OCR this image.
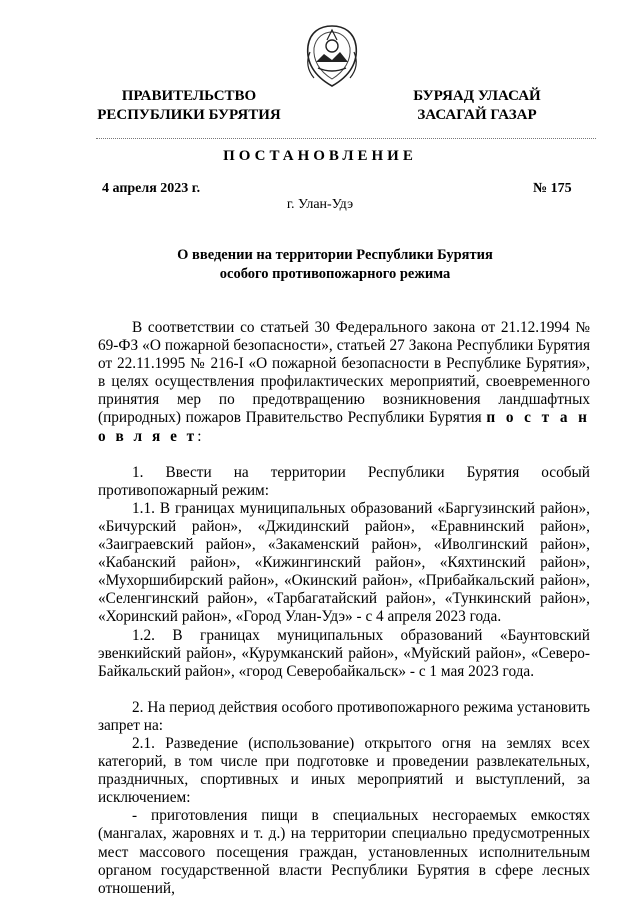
ПРАВИТЕЛЬСТВО
РЕСПУБЛИКИ БУРЯТИЯ
БУРЯАД УЛАСАЙ
ЗАСАГАЙ ГАЗАР
ПОСТАНОВЛЕНИЕ
4 апреля 2023 г.	№ 175
г. Улан-Удэ
О введении на территории Республики Бурятия
особого противопожарного режима

В соответствии со статьей 30 Федерального закона от 21.12.1994 № 69-ФЗ «О пожарной безопасности», статьей 27 Закона Республики Бурятия от 22.11.1995 № 216-I «О пожарной безопасности в Республике Бурятия», в целях осуществления профилактических мероприятий, своевременного принятия мер по предотвращению возникновения ландшафтных (природных) пожаров Правительство Республики Бурятия п о с т а н о в л я е т:

1. Ввести на территории Республики Бурятия особый противопожарный режим:

1.1. В границах муниципальных образований «Баргузинский район», «Бичурский район», «Джидинский район», «Еравнинский район», «Заиграевский район», «Закаменский район», «Иволгинский район», «Кабанский район», «Кижингинский район», «Кяхтинский район», «Мухоршибирский район», «Окинский район», «Прибайкальский район», «Селенгинский район», «Тарбагатайский район», «Тункинский район», «Хоринский район», «Город Улан-Удэ» - с 4 апреля 2023 года.

1.2. В границах муниципальных образований «Баунтовский эвенкийский район», «Курумканский район», «Муйский район», «Северо-Байкальский район», «город Северобайкальск» - с 1 мая 2023 года.

2. На период действия особого противопожарного режима установить запрет на:

2.1. Разведение (использование) открытого огня на землях всех категорий, в том числе при подготовке и проведении развлекательных, праздничных, спортивных и иных мероприятий и выступлений, за исключением:

- приготовления пищи в специальных несгораемых емкостях (мангалах, жаровнях и т. д.) на территории специально предусмотренных мест массового посещения граждан, установленных исполнительным органом государственной власти Республики Бурятия в сфере лесных отношений,
